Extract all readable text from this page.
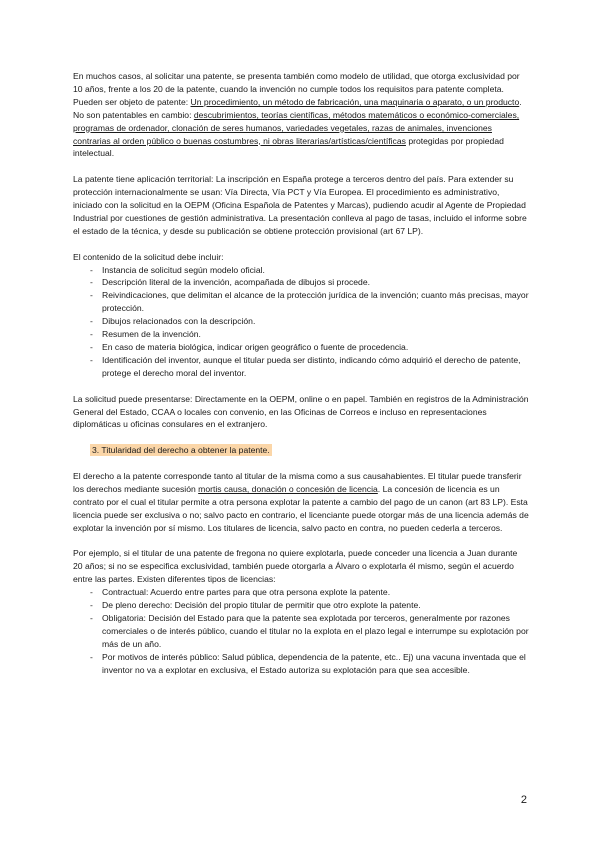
En muchos casos, al solicitar una patente, se presenta también como modelo de utilidad, que otorga exclusividad por 10 años, frente a los 20 de la patente, cuando la invención no cumple todos los requisitos para patente completa. Pueden ser objeto de patente: Un procedimiento, un método de fabricación, una maquinaria o aparato, o un producto. No son patentables en cambio: descubrimientos, teorías científicas, métodos matemáticos o económico-comerciales, programas de ordenador, clonación de seres humanos, variedades vegetales, razas de animales, invenciones contrarias al orden público o buenas costumbres, ni obras literarias/artísticas/científicas protegidas por propiedad intelectual.

La patente tiene aplicación territorial: La inscripción en España protege a terceros dentro del país. Para extender su protección internacionalmente se usan: Vía Directa, Vía PCT y Vía Europea. El procedimiento es administrativo, iniciado con la solicitud en la OEPM (Oficina Española de Patentes y Marcas), pudiendo acudir al Agente de Propiedad Industrial por cuestiones de gestión administrativa. La presentación conlleva al pago de tasas, incluido el informe sobre el estado de la técnica, y desde su publicación se obtiene protección provisional (art 67 LP).

El contenido de la solicitud debe incluir:

- Instancia de solicitud según modelo oficial.
- Descripción literal de la invención, acompañada de dibujos si procede.
- Reivindicaciones, que delimitan el alcance de la protección jurídica de la invención; cuanto más precisas, mayor protección.
- Dibujos relacionados con la descripción.
- Resumen de la invención.
- En caso de materia biológica, indicar origen geográfico o fuente de procedencia.
- Identificación del inventor, aunque el titular pueda ser distinto, indicando cómo adquirió el derecho de patente, protege el derecho moral del inventor.

La solicitud puede presentarse: Directamente en la OEPM, online o en papel. También en registros de la Administración General del Estado, CCAA o locales con convenio, en las Oficinas de Correos e incluso en representaciones diplomáticas u oficinas consulares en el extranjero.

3. Titularidad del derecho a obtener la patente.

El derecho a la patente corresponde tanto al titular de la misma como a sus causahabientes. El titular puede transferir los derechos mediante sucesión mortis causa, donación o concesión de licencia. La concesión de licencia es un contrato por el cual el titular permite a otra persona explotar la patente a cambio del pago de un canon (art 83 LP). Esta licencia puede ser exclusiva o no; salvo pacto en contrario, el licenciante puede otorgar más de una licencia además de explotar la invención por sí mismo. Los titulares de licencia, salvo pacto en contra, no pueden cederla a terceros.

Por ejemplo, si el titular de una patente de fregona no quiere explotarla, puede conceder una licencia a Juan durante 20 años; si no se especifica exclusividad, también puede otorgarla a Álvaro o explotarla él mismo, según el acuerdo entre las partes. Existen diferentes tipos de licencias:

- Contractual: Acuerdo entre partes para que otra persona explote la patente.
- De pleno derecho: Decisión del propio titular de permitir que otro explote la patente.
- Obligatoria: Decisión del Estado para que la patente sea explotada por terceros, generalmente por razones comerciales o de interés público, cuando el titular no la explota en el plazo legal e interrumpe su explotación por más de un año.
- Por motivos de interés público: Salud pública, dependencia de la patente, etc.. Ej) una vacuna inventada que el inventor no va a explotar en exclusiva, el Estado autoriza su explotación para que sea accesible.
2
